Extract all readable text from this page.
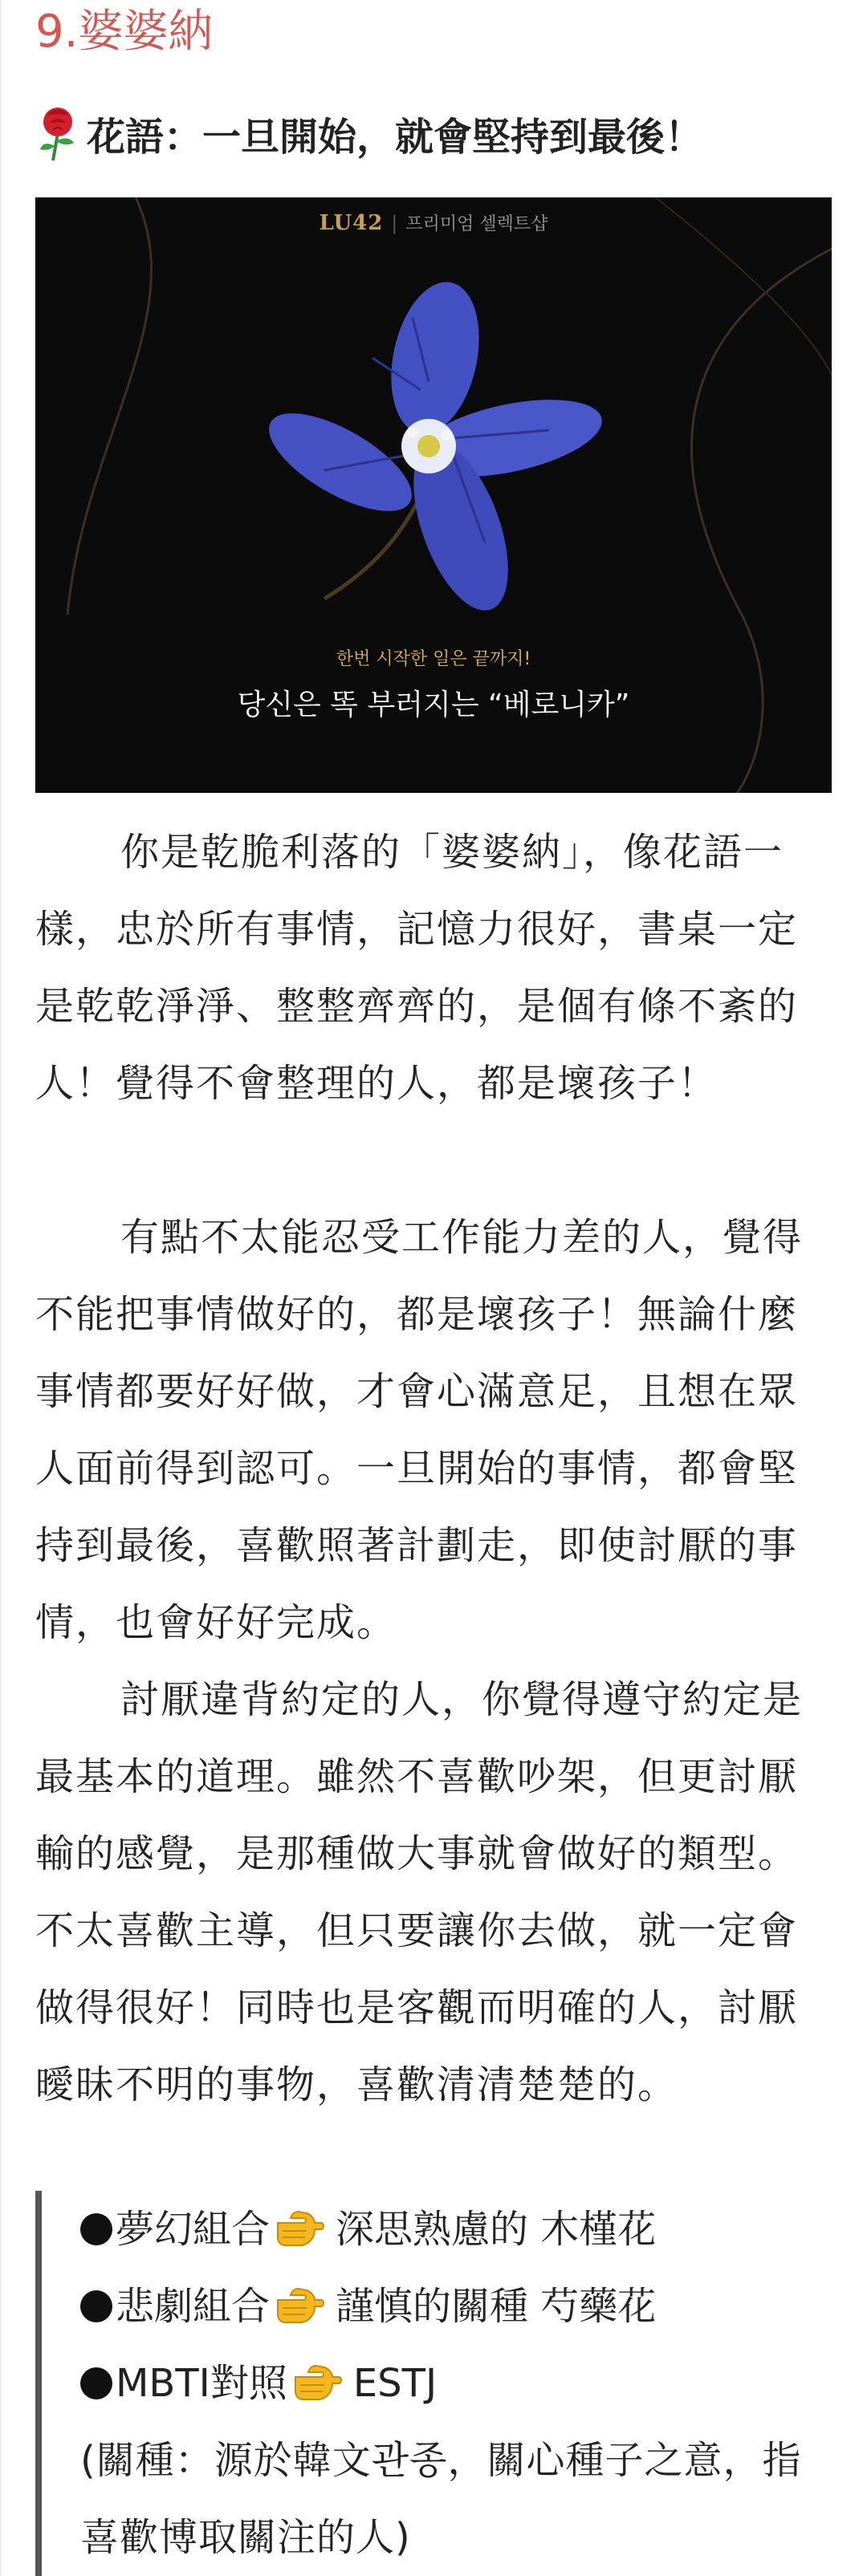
9.婆婆納
花語：一旦開始，就會堅持到最後！
LU42 | 프리미엄 셀렉트샵
한번 시작한 일은 끝까지!
당신은 똑 부러지는 “베로니카”

你是乾脆利落的「婆婆納」，像花語一樣，忠於所有事情，記憶力很好，書桌一定是乾乾淨淨、整整齊齊的，是個有條不紊的人！覺得不會整理的人，都是壞孩子！

有點不太能忍受工作能力差的人，覺得不能把事情做好的，都是壞孩子！無論什麼事情都要好好做，才會心滿意足，且想在眾人面前得到認可。一旦開始的事情，都會堅持到最後，喜歡照著計劃走，即使討厭的事情，也會好好完成。

討厭違背約定的人，你覺得遵守約定是最基本的道理。雖然不喜歡吵架，但更討厭輸的感覺，是那種做大事就會做好的類型。不太喜歡主導，但只要讓你去做，就一定會做得很好！同時也是客觀而明確的人，討厭曖昧不明的事物，喜歡清清楚楚的。

夢幻組合 深思熟慮的 木槿花
悲劇組合 謹慎的關種 芍藥花
MBTI對照 ESTJ
(關種：源於韓文관종，關心種子之意，指喜歡博取關注的人)
